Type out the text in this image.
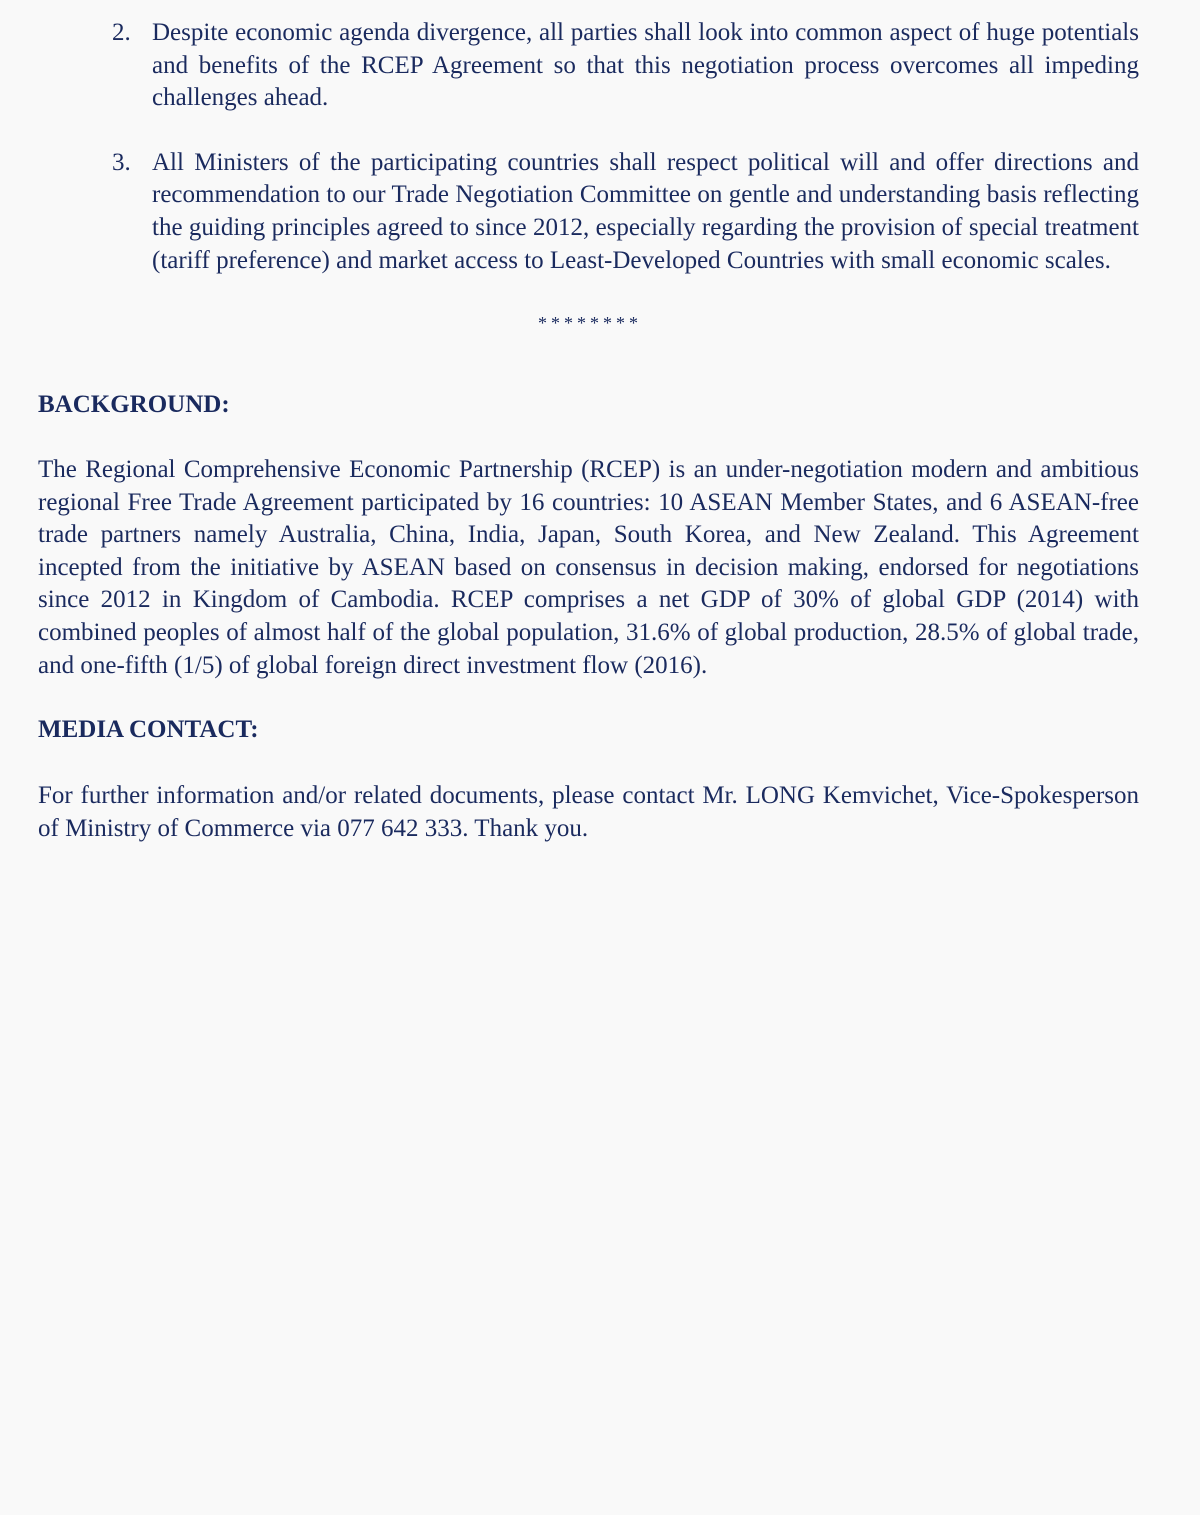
2. Despite economic agenda divergence, all parties shall look into common aspect of huge potentials and benefits of the RCEP Agreement so that this negotiation process overcomes all impeding challenges ahead.
3. All Ministers of the participating countries shall respect political will and offer directions and recommendation to our Trade Negotiation Committee on gentle and understanding basis reflecting the guiding principles agreed to since 2012, especially regarding the provision of special treatment (tariff preference) and market access to Least-Developed Countries with small economic scales.
********
BACKGROUND:

The Regional Comprehensive Economic Partnership (RCEP) is an under-negotiation modern and ambitious regional Free Trade Agreement participated by 16 countries: 10 ASEAN Member States, and 6 ASEAN-free trade partners namely Australia, China, India, Japan, South Korea, and New Zealand. This Agreement incepted from the initiative by ASEAN based on consensus in decision making, endorsed for negotiations since 2012 in Kingdom of Cambodia. RCEP comprises a net GDP of 30% of global GDP (2014) with combined peoples of almost half of the global population, 31.6% of global production, 28.5% of global trade, and one-fifth (1/5) of global foreign direct investment flow (2016).

MEDIA CONTACT:

For further information and/or related documents, please contact Mr. LONG Kemvichet, Vice-Spokesperson of Ministry of Commerce via 077 642 333. Thank you.
